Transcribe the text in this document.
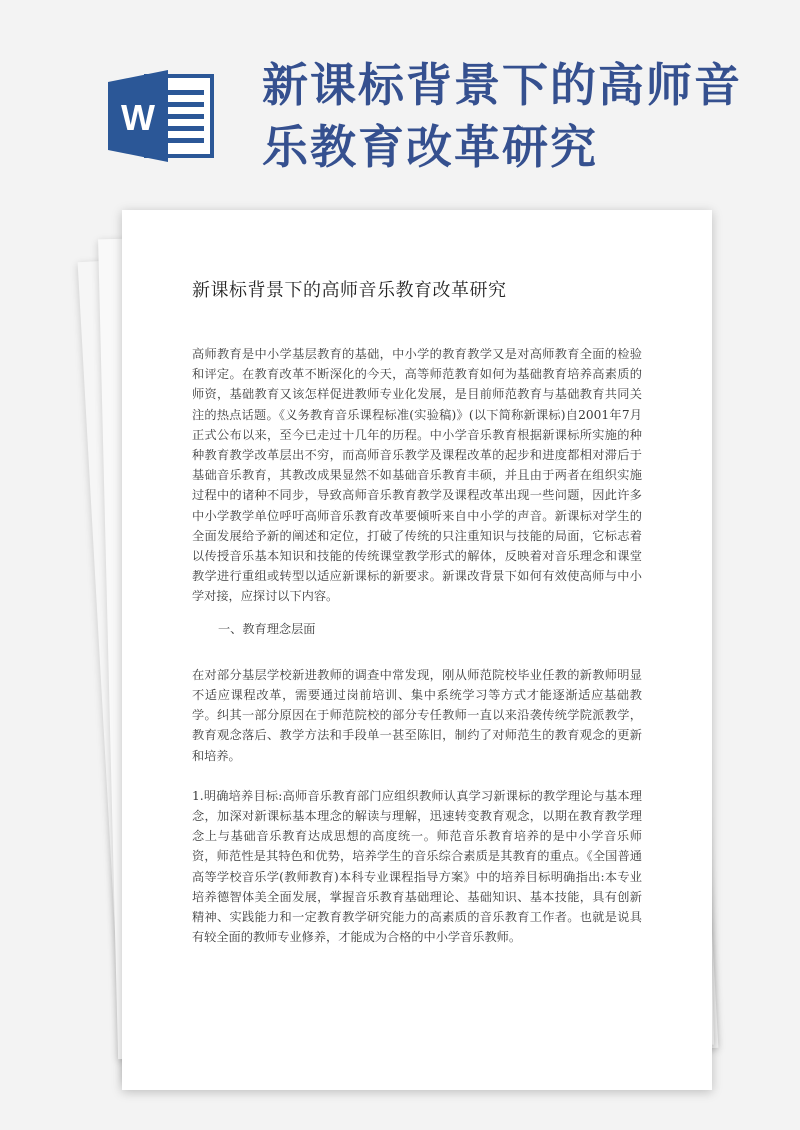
W
新课标背景下的高师音乐教育改革研究
新课标背景下的高师音乐教育改革研究

高师教育是中小学基层教育的基础，中小学的教育教学又是对高师教育全面的检验和评定。在教育改革不断深化的今天，高等师范教育如何为基础教育培养高素质的师资，基础教育又该怎样促进教师专业化发展，是目前师范教育与基础教育共同关注的热点话题。《义务教育音乐课程标准(实验稿)》(以下简称新课标)自2001年7月正式公布以来，至今已走过十几年的历程。中小学音乐教育根据新课标所实施的种种教育教学改革层出不穷，而高师音乐教学及课程改革的起步和进度都相对滞后于基础音乐教育，其教改成果显然不如基础音乐教育丰硕，并且由于两者在组织实施过程中的诸种不同步，导致高师音乐教育教学及课程改革出现一些问题，因此许多中小学教学单位呼吁高师音乐教育改革要倾听来自中小学的声音。新课标对学生的全面发展给予新的阐述和定位，打破了传统的只注重知识与技能的局面，它标志着以传授音乐基本知识和技能的传统课堂教学形式的解体，反映着对音乐理念和课堂教学进行重组或转型以适应新课标的新要求。新课改背景下如何有效使高师与中小学对接，应探讨以下内容。

一、教育理念层面

在对部分基层学校新进教师的调查中常发现，刚从师范院校毕业任教的新教师明显不适应课程改革，需要通过岗前培训、集中系统学习等方式才能逐渐适应基础教学。纠其一部分原因在于师范院校的部分专任教师一直以来沿袭传统学院派教学，教育观念落后、教学方法和手段单一甚至陈旧，制约了对师范生的教育观念的更新和培养。

1.明确培养目标:高师音乐教育部门应组织教师认真学习新课标的教学理论与基本理念，加深对新课标基本理念的解读与理解，迅速转变教育观念，以期在教育教学理念上与基础音乐教育达成思想的高度统一。师范音乐教育培养的是中小学音乐师资，师范性是其特色和优势，培养学生的音乐综合素质是其教育的重点。《全国普通高等学校音乐学(教师教育)本科专业课程指导方案》中的培养目标明确指出:本专业培养德智体美全面发展，掌握音乐教育基础理论、基础知识、基本技能，具有创新精神、实践能力和一定教育教学研究能力的高素质的音乐教育工作者。也就是说具有较全面的教师专业修养，才能成为合格的中小学音乐教师。
